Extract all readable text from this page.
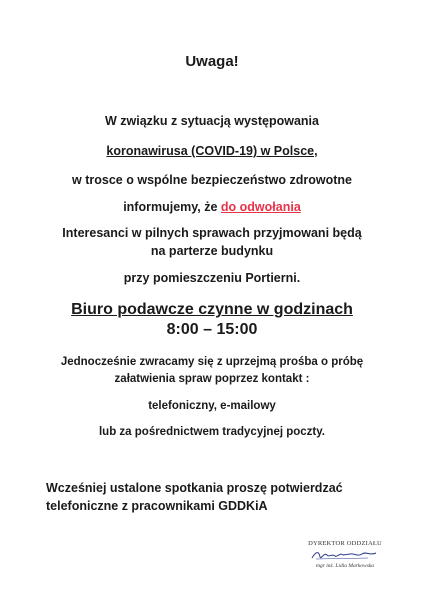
Uwaga!
W związku z sytuacją występowania
koronawirusa (COVID-19) w Polsce,
w trosce o wspólne bezpieczeństwo zdrowotne
informujemy, że do odwołania
Interesanci w pilnych sprawach przyjmowani będą
na parterze budynku
przy pomieszczeniu Portierni.
Biuro podawcze czynne w godzinach
8:00 – 15:00
Jednocześnie zwracamy się z uprzejmą prośba o próbę
załatwienia spraw poprzez kontakt :
telefoniczny, e-mailowy
lub za pośrednictwem tradycyjnej poczty.
Wcześniej ustalone spotkania proszę potwierdzać
telefoniczne z pracownikami GDDKiA
DYREKTOR ODDZIAŁU
mgr inż. Lidia Markowska
